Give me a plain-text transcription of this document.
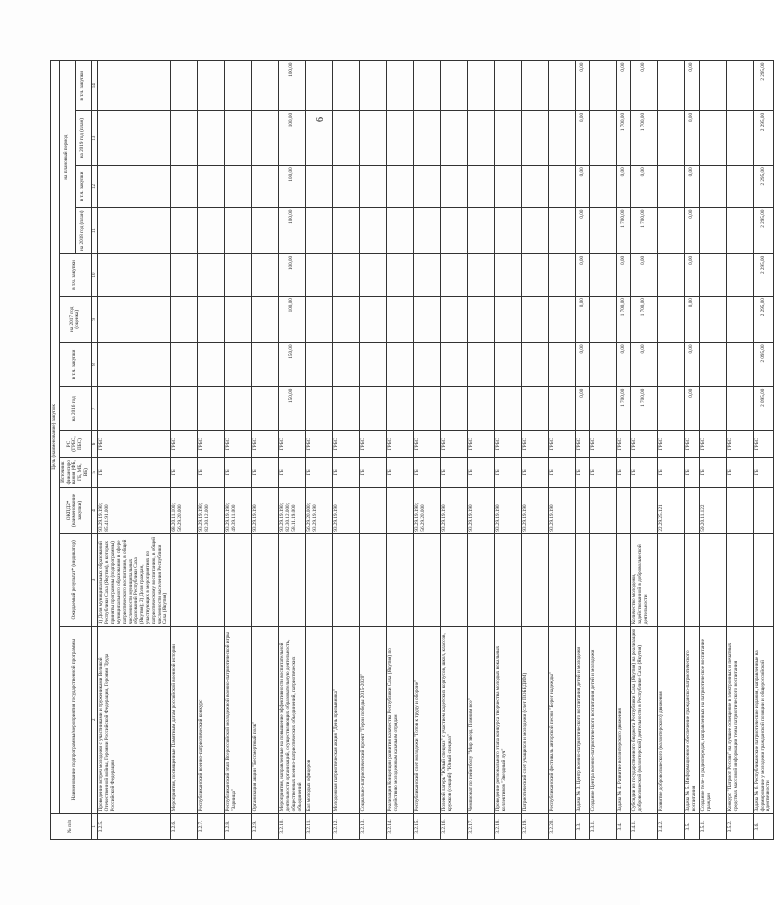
6
№ п/п	Цель (наименование) закупок												
	Наименование подпрограммы/мероприятия государственной программы	Ожидаемый результат* (индикатор)	ОКПД2* (наименование закупки)	Источник финансирования (ФБ, ГБ, МБ, ВБ)	РС (ГРБС, ПБС)	на 2016 год	в т.ч. закупки	на 2017 год (оценка)	в т.ч. закупки	на плановый период			
										на 2018 год (план)	в т.ч. закупки	на 2019 год (план)	в т.ч. закупки
1	2	3	4	5	6	7	8	9	10	11	12	13	14
3.2.5.	Проведение встреч молодежи с участниками и тружениками Великой Отечественной войны, Героями Российской Федерации, Героями Труда Российской Федерации	1) Доля муниципальных образований Республики Саха (Якутия), в которых приняты программы (подпрограммы) муниципального образования в сфере патриотического воспитания, в общей численности муниципальных образований Республики Саха (Якутия); 2) Доля граждан, участвующих в мероприятиях по патриотическому воспитанию, в общей численности населения Республики Саха (Якутия)	93.29.19.190; 85.41.91.000	ГБ	ГРБС								
3.2.6.	Мероприятия, посвященные Памятным датам российской военной истории		68.20.11.100; 56.29.20.000	ГБ	ГРБС								
3.2.7.	Республиканский военно-патриотический конкурс		93.29.19.190; 82.30.12.000	ГБ	ГРБС								
3.2.8.	Республиканский этап Всероссийской молодежной военно-патриотической игры "Зарница"		93.29.19.190; 49.39.11.000	ГБ	ГРБС								
3.2.9.	Организация акции "Бессмертный полк"		93.29.19.190	ГБ	ГРБС								
3.2.10.	Мероприятия, направленные на повышение эффективности воспитательной деятельности организаций, осуществляющих образовательную деятельность, общественных военно-патриотических объединений, патриотических объединений		93.29.19.190; 82.30.12.000; 58.11.19.000	ГБ	ГРБС	150,00	150,00	100,00	100,00	100,00	100,00	100,00	100,00
3.2.11.	Бал молодых офицеров		56.29.20.000; 93.29.19.190	ГБ	ГРБС								
3.2.12.	Молодежная патриотическая акция "День призывника"		93.29.19.190	ГБ	ГРБС								
3.2.13.	Социально-патриотический проект "Герои победы 2015-2020"			ГБ	ГРБС								
3.2.14.	Реализация Концепции развития казачества Республики Саха (Якутия) по содействию молодежным казачьим отрядам			ГБ	ГРБС								
3.2.15.	Республиканский слет молодежи "Готов к труду и обороне"		93.29.19.190; 56.29.20.000	ГБ	ГРБС								
3.2.16.	Полевой лагерь "Юный спецназ" с участием кадетских корпусов, школ, классов, кружков (секций) "Юный спецназ"		93.29.19.190	ГБ	ГРБС								
3.2.17.	Чемпионат по пейнтболу "Мир звезд. Помним все"		93.29.19.190	ГБ	ГРБС								
3.2.18.	Проведение регионального этапа конкурса творчества молодых вокальных коллективов "Звездный луч"		93.29.19.190	ГБ	ГРБС								
3.2.19.	Патриотический слет учащихся и молодежи (слет ПОБЕДИМ)		93.29.19.190	ГБ	ГРБС								
3.2.20.	Республиканский фестиваль авторской песни "Берег надежды"		93.29.19.190	ГБ	ГРБС								
3.3.	Задача № 3. Центр военно-патриотического воспитания детей и молодежи			ГБ	ГРБС	0,00	0,00	0,00	0,00	0,00	0,00	0,00	0,00
3.3.1.	Создание Центра военно-патриотического воспитания детей и молодежи			ГБ	ГРБС								
3.4.	Задача № 4. Развитие волонтерского движения			ГБ	ГРБС	1 700,00	0,00	1 700,00	0,00	1 700,00	0,00	1 700,00	0,00
3.4.1.	Субсидии из государственного бюджета Республики Саха (Якутия) на реализацию добровольческой (волонтерской) деятельности в Республике Саха (Якутия)	Количество молодежи, задействованной в добровольческой деятельности		ГБ	ГРБС	1 700,00	0,00	1 700,00	0,00	1 700,00	0,00	1 700,00	0,00
3.4.2.	Развитие добровольческого (волонтерского) движения		22.29.25.121	ГБ	ГРБС								
3.5.	Задача № 5. Информационное обеспечение гражданско-патриотического воспитания			ГБ	ГРБС	0,00	0,00	0,00	0,00	0,00	0,00	0,00	0,00
3.5.1.	Создание теле- и радиопередач, направленных на патриотическое воспитание граждан		59.20.11.122	ГБ	ГРБС								
3.5.2.	Конкурс "Патриот России" на лучшее освещение в электронных и печатных средствах массовой информации темы патриотического воспитания			ГБ	ГРБС								
3.6.	Задача № 6. Республиканские патриотические издания, направленные на формирование у молодежи гражданской позиции и общероссийской идентичности			ГБ	ГРБС	2 095,00	2 095,00	2 295,00	2 295,00	2 295,00	2 295,00	2 295,00	2 295,00
